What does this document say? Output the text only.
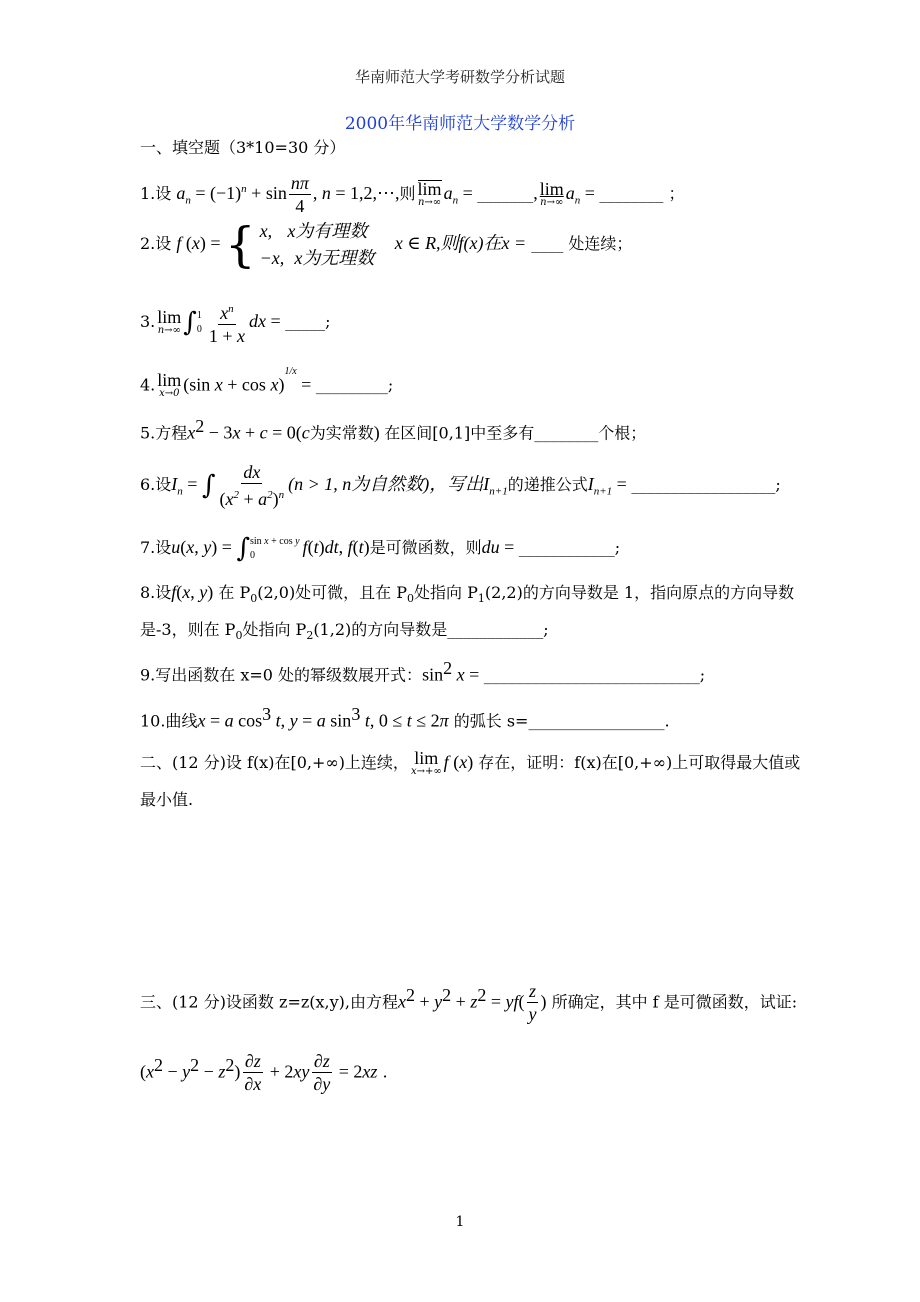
华南师范大学考研数学分析试题
2000年华南师范大学数学分析
一、填空题（3*10=30 分）
1.设 $a_n = (-1)^n + \sin \frac{n\pi}{4}$ , n = 1,2,⋯,则 lim
n→∞ $a_n$ = _______, lim
n→∞ $a_n$ = ________ ；
2.设 f (x) = { x, x为有理数
−x, x为无理数
x ∈ R,则f(x)在x = ____ 处连续；
3. lim
n→∞ ∫ 1
$0 \frac{x^n}{1 + x}$ dx = _____;
4. lim
x→0 (sin x + cos x)$^{1/x}$ = _________;
5.方程$x^2 - 3x + c = 0(c$为实常数) 在区间[0,1]中至多有________个根；
6.设$I_n$ = ∫ $\frac{dx}{(x^2 + a^2)^n} (n > 1$, n为自然数)，写出$I_{n+1}$的递推公式$I_{n+1}$ = __________________;
7.设u(x, y) = ∫ sin x + cos y
0	f(t)dt, f(t)是可微函数，则du = ____________;
8.设f(x, y) 在 $P_0(2,0)$处可微，且在 $P_0$处指向 $P_1(2,2)$的方向导数是 1，指向原点的方向导数
是-3，则在 $P_0$处指向 $P_2(1,2)$的方向导数是____________;
9.写出函数在 x=0 处的幂级数展开式：$\sin^2 x$ = ___________________________;
10.曲线x = a $\cos^3 t$, y = a $\sin^3 t$, 0 ≤ t ≤ 2π 的弧长 s=_________________.
二、(12 分)设 f(x)在[0,+∞)上连续， lim
x→+∞ f (x) 存在，证明：f(x)在[0,+∞)上可取得最大值或
最小值.
三、(12 分)设函数 z=z(x,y),由方程$x^2 + y^2 + z^2 = yf( \frac{z}{y}$ ) 所确定，其中 f 是可微函数，试证:
$(x^2 - y^2 - z^2) \frac{\partial z}{\partial x} + 2xy \frac{\partial z}{\partial y} = 2xz$ .
1
